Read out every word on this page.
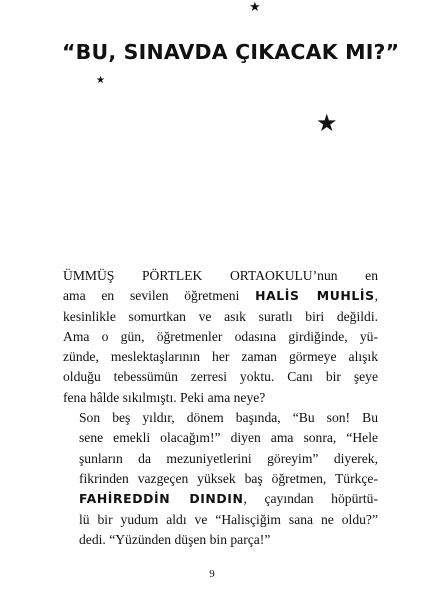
★
★
★
“BU, SINAVDA ÇIKACAK MI?”

ÜMMÜŞ PÖRTLEK ORTAOKULU’nun en
ama en sevilen öğretmeni HALİS MUHLİS,
kesinlikle somurtkan ve asık suratlı biri değildi.
Ama o gün, öğretmenler odasına girdiğinde, yü-
zünde, meslektaşlarının her zaman görmeye alışık
olduğu tebessümün zerresi yoktu. Canı bir şeye
fena hâlde sıkılmıştı. Peki ama neye?

Son beş yıldır, dönem başında, “Bu son! Bu
sene emekli olacağım!” diyen ama sonra, “Hele
şunların da mezuniyetlerini göreyim” diyerek,
fikrinden vazgeçen yüksek baş öğretmen, Türkçe-
FAHİREDDİN DINDIN, çayından höpürtü-
lü bir yudum aldı ve “Halisçiğim sana ne oldu?”
dedi. “Yüzünden düşen bin parça!”

9
